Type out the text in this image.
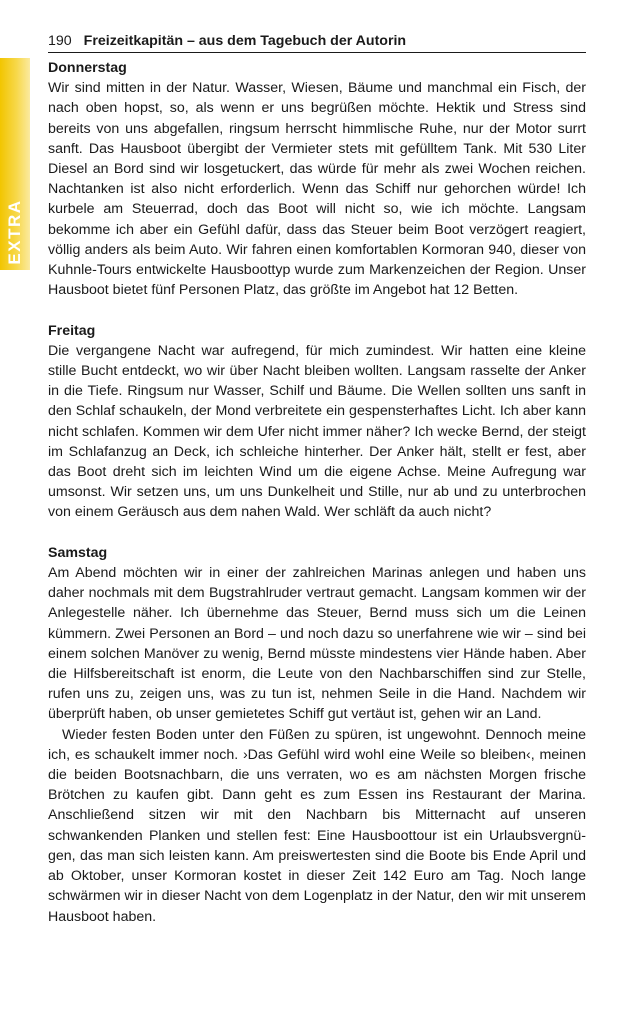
EXTRA
190 Freizeitkapitän – aus dem Tagebuch der Autorin

Donnerstag

Wir sind mitten in der Natur. Wasser, Wiesen, Bäume und manchmal ein Fisch, der nach oben hopst, so, als wenn er uns begrüßen möchte. Hektik und Stress sind bereits von uns abgefallen, ringsum herrscht himmlische Ruhe, nur der Motor surrt sanft. Das Hausboot übergibt der Vermieter stets mit gefülltem Tank. Mit 530 Liter Diesel an Bord sind wir losgetuckert, das würde für mehr als zwei Wochen reichen. Nachtanken ist also nicht erforderlich. Wenn das Schiff nur gehorchen würde! Ich kurbele am Steuerrad, doch das Boot will nicht so, wie ich möchte. Langsam bekomme ich aber ein Gefühl dafür, dass das Steuer beim Boot verzögert reagiert, völlig anders als beim Auto. Wir fahren einen komfortablen Kormoran 940, dieser von Kuhnle-Tours entwickelte Hausboottyp wurde zum Markenzeichen der Region. Unser Hausboot bietet fünf Personen Platz, das größte im Angebot hat 12 Betten.

Freitag

Die vergangene Nacht war aufregend, für mich zumindest. Wir hatten eine kleine stille Bucht entdeckt, wo wir über Nacht bleiben wollten. Langsam rasselte der Anker in die Tiefe. Ringsum nur Wasser, Schilf und Bäume. Die Wellen sollten uns sanft in den Schlaf schaukeln, der Mond verbreitete ein gespensterhaftes Licht. Ich aber kann nicht schlafen. Kommen wir dem Ufer nicht immer näher? Ich wecke Bernd, der steigt im Schlafanzug an Deck, ich schleiche hinterher. Der Anker hält, stellt er fest, aber das Boot dreht sich im leichten Wind um die eigene Achse. Meine Aufregung war umsonst. Wir setzen uns, um uns Dunkelheit und Stille, nur ab und zu unterbrochen von einem Geräusch aus dem nahen Wald. Wer schläft da auch nicht?

Samstag

Am Abend möchten wir in einer der zahlreichen Marinas anlegen und haben uns daher nochmals mit dem Bugstrahlruder vertraut gemacht. Langsam kommen wir der Anlegestelle näher. Ich übernehme das Steuer, Bernd muss sich um die Leinen kümmern. Zwei Personen an Bord – und noch dazu so unerfahrene wie wir – sind bei einem solchen Manöver zu wenig, Bernd müsste mindestens vier Hände haben. Aber die Hilfsbereitschaft ist enorm, die Leute von den Nachbarschiffen sind zur Stelle, rufen uns zu, zeigen uns, was zu tun ist, nehmen Seile in die Hand. Nachdem wir überprüft haben, ob unser gemietetes Schiff gut vertäut ist, gehen wir an Land.

Wieder festen Boden unter den Füßen zu spüren, ist ungewohnt. Dennoch meine ich, es schaukelt immer noch. ›Das Gefühl wird wohl eine Weile so bleiben‹, meinen die beiden Bootsnachbarn, die uns verraten, wo es am nächsten Morgen frische Brötchen zu kaufen gibt. Dann geht es zum Essen ins Restaurant der Marina. Anschließend sitzen wir mit den Nachbarn bis Mitternacht auf unseren schwankenden Planken und stellen fest: Eine Hausboottour ist ein Urlaubsvergnügen, das man sich leisten kann. Am preiswertesten sind die Boote bis Ende April und ab Oktober, unser Kormoran kostet in dieser Zeit 142 Euro am Tag. Noch lange schwärmen wir in dieser Nacht von dem Logenplatz in der Natur, den wir mit unserem Hausboot haben.
